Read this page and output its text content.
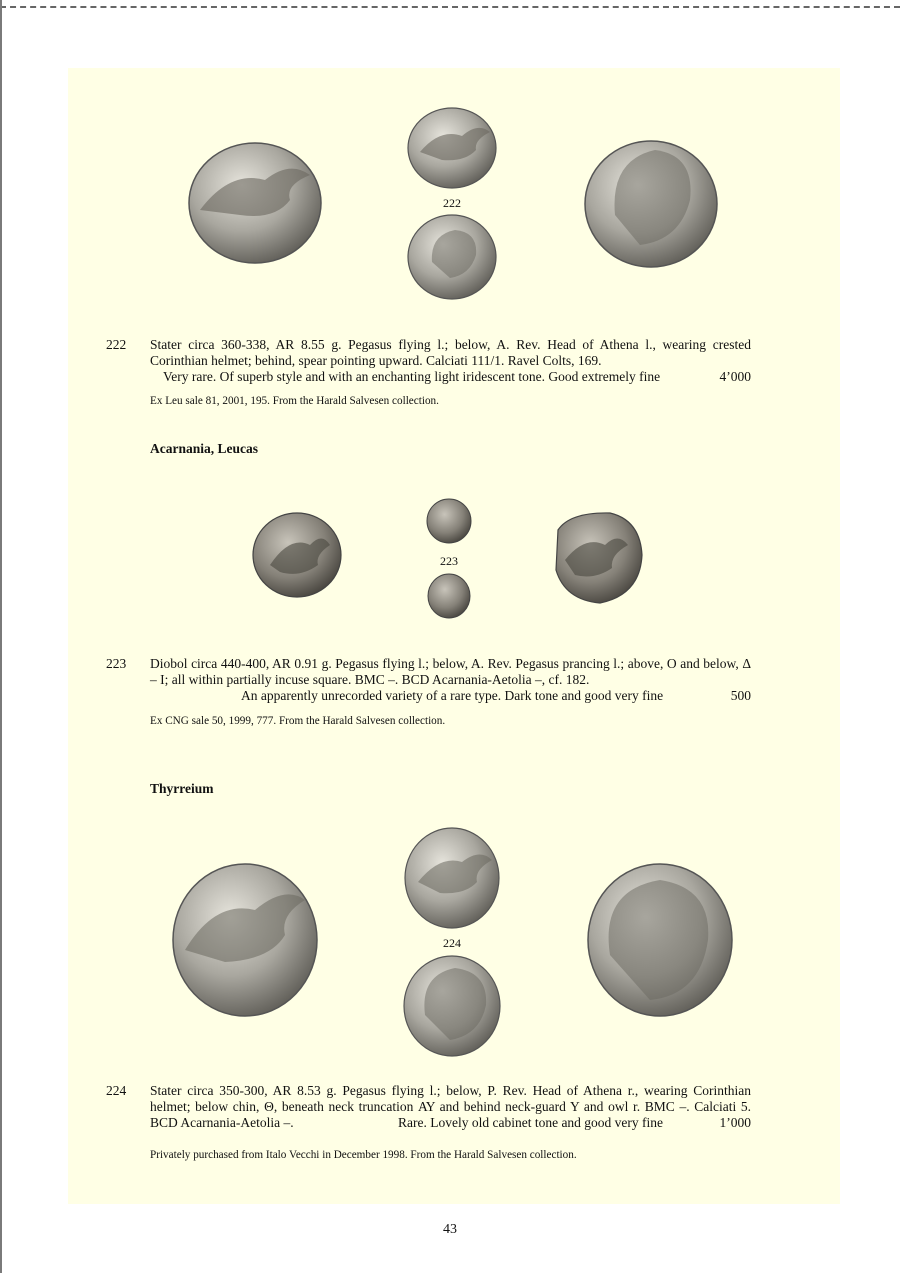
222
223
224
222 Stater circa 360-338, AR 8.55 g. Pegasus flying l.; below, A. Rev. Head of Athena l., wearing crested Corinthian helmet; behind, spear pointing upward. Calciati 111/1. Ravel Colts, 169.
Very rare. Of superb style and with an enchanting light iridescent tone. Good extremely fine	4’000
Ex Leu sale 81, 2001, 195. From the Harald Salvesen collection.
Acarnania, Leucas
223 Diobol circa 440-400, AR 0.91 g. Pegasus flying l.; below, A. Rev. Pegasus prancing l.; above, O and below, Δ – I; all within partially incuse square. BMC –. BCD Acarnania-Aetolia –, cf. 182.
An apparently unrecorded variety of a rare type. Dark tone and good very fine	500
Ex CNG sale 50, 1999, 777. From the Harald Salvesen collection.
Thyrreium
224 Stater circa 350-300, AR 8.53 g. Pegasus flying l.; below, P. Rev. Head of Athena r., wearing Corinthian helmet; below chin, Θ, beneath neck truncation ΑΥ and behind neck-guard Y and owl r. BMC –. Calciati 5. BCD Acarnania-Aetolia –.	Rare. Lovely old cabinet tone and good very fine	1’000
Privately purchased from Italo Vecchi in December 1998. From the Harald Salvesen collection.
43
